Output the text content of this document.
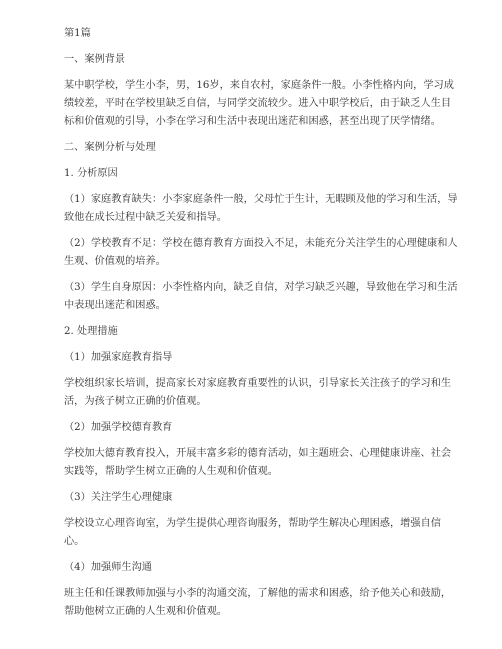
第1篇

一、案例背景

某中职学校，学生小李，男，16岁，来自农村，家庭条件一般。小李性格内向，学习成绩较差，平时在学校里缺乏自信，与同学交流较少。进入中职学校后，由于缺乏人生目标和价值观的引导，小李在学习和生活中表现出迷茫和困惑，甚至出现了厌学情绪。

二、案例分析与处理

1. 分析原因

（1）家庭教育缺失：小李家庭条件一般，父母忙于生计，无暇顾及他的学习和生活，导致他在成长过程中缺乏关爱和指导。

（2）学校教育不足：学校在德育教育方面投入不足，未能充分关注学生的心理健康和人生观、价值观的培养。

（3）学生自身原因：小李性格内向，缺乏自信，对学习缺乏兴趣，导致他在学习和生活中表现出迷茫和困惑。

2. 处理措施

（1）加强家庭教育指导

学校组织家长培训，提高家长对家庭教育重要性的认识，引导家长关注孩子的学习和生活，为孩子树立正确的价值观。

（2）加强学校德育教育

学校加大德育教育投入，开展丰富多彩的德育活动，如主题班会、心理健康讲座、社会实践等，帮助学生树立正确的人生观和价值观。

（3）关注学生心理健康

学校设立心理咨询室，为学生提供心理咨询服务，帮助学生解决心理困惑，增强自信心。

（4）加强师生沟通

班主任和任课教师加强与小李的沟通交流，了解他的需求和困惑，给予他关心和鼓励，帮助他树立正确的人生观和价值观。
